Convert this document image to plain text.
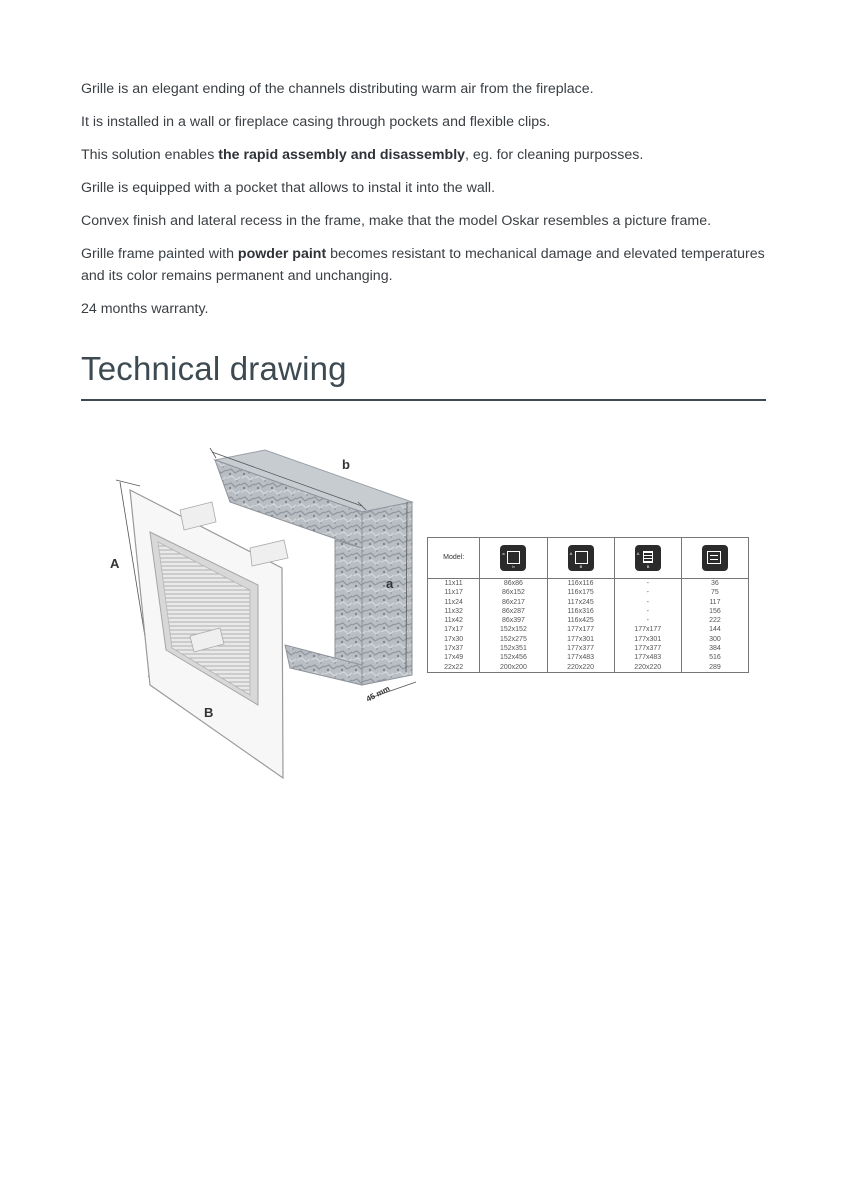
Grille is an elegant ending of the channels distributing warm air from the fireplace.

It is installed in a wall or fireplace casing through pockets and flexible clips.

This solution enables the rapid assembly and disassembly, eg. for cleaning purposses.

Grille is equipped with a pocket that allows to instal it into the wall.

Convex finish and lateral recess in the frame, make that the model Oskar resembles a picture frame.

Grille frame painted with powder paint becomes resistant to mechanical damage and elevated temperatures and its color remains permanent and unchanging.

24 months warranty.

Technical drawing
b
a
A
B
45 mm
Model:	a
b	A
B	A
B	

11x11	86x86	116x116	-	36
11x17	86x152	116x175	-	75
11x24	86x217	117x245	-	117
11x32	86x287	116x316	-	156
11x42	86x397	116x425	-	222
17x17	152x152	177x177	177x177	144
17x30	152x275	177x301	177x301	300
17x37	152x351	177x377	177x377	384
17x49	152x456	177x483	177x483	516
22x22	200x200	220x220	220x220	289
